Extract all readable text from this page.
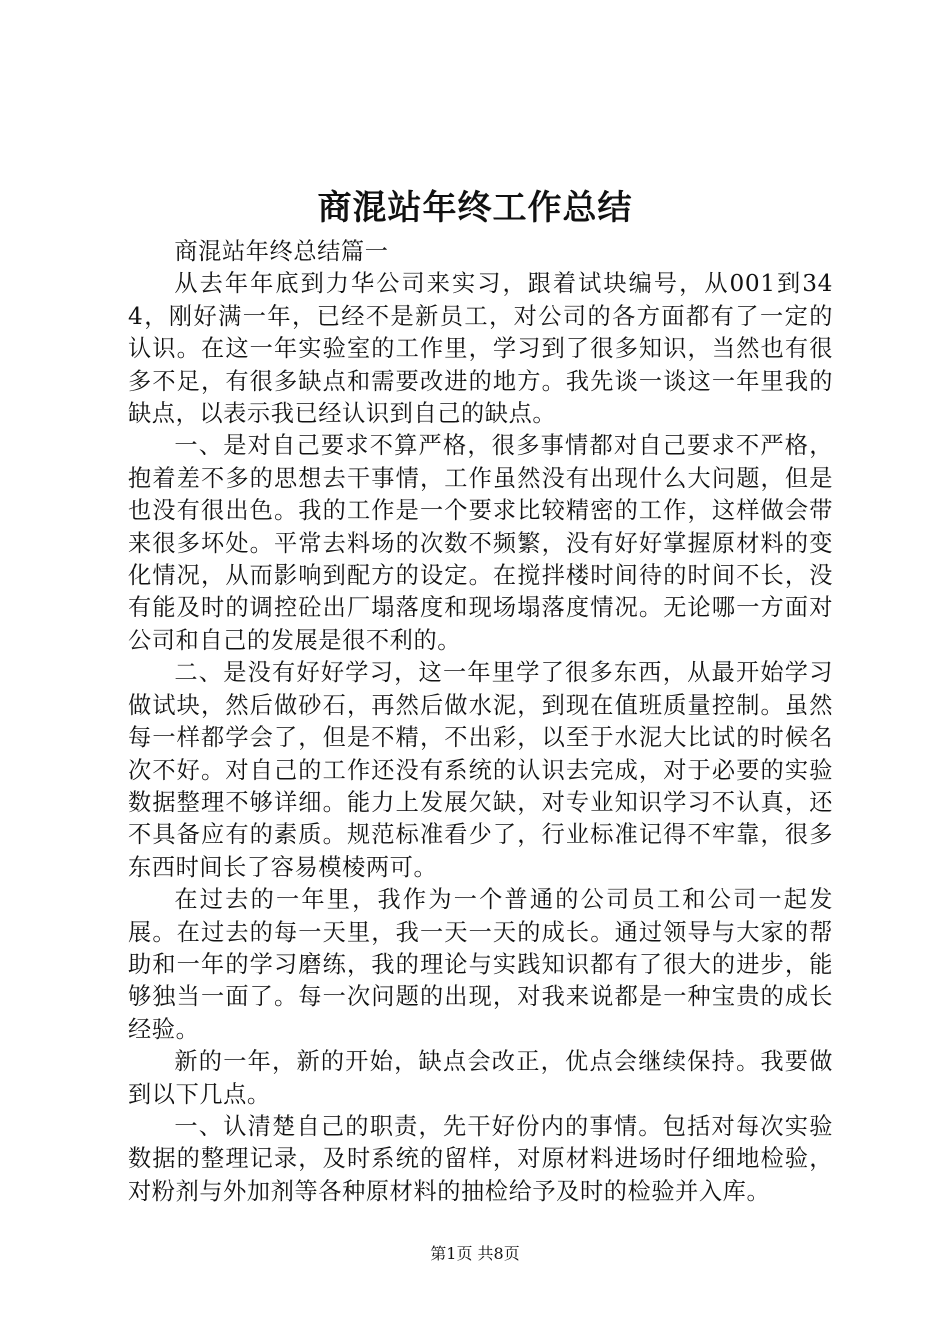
商混站年终工作总结

商混站年终总结篇一

从去年年底到力华公司来实习，跟着试块编号，从001到344，刚好满一年，已经不是新员工，对公司的各方面都有了一定的认识。在这一年实验室的工作里，学习到了很多知识，当然也有很多不足，有很多缺点和需要改进的地方。我先谈一谈这一年里我的缺点，以表示我已经认识到自己的缺点。

一、是对自己要求不算严格，很多事情都对自己要求不严格，抱着差不多的思想去干事情，工作虽然没有出现什么大问题，但是也没有很出色。我的工作是一个要求比较精密的工作，这样做会带来很多坏处。平常去料场的次数不频繁，没有好好掌握原材料的变化情况，从而影响到配方的设定。在搅拌楼时间待的时间不长，没有能及时的调控砼出厂塌落度和现场塌落度情况。无论哪一方面对公司和自己的发展是很不利的。

二、是没有好好学习，这一年里学了很多东西，从最开始学习做试块，然后做砂石，再然后做水泥，到现在值班质量控制。虽然每一样都学会了，但是不精，不出彩，以至于水泥大比试的时候名次不好。对自己的工作还没有系统的认识去完成，对于必要的实验数据整理不够详细。能力上发展欠缺，对专业知识学习不认真，还不具备应有的素质。规范标准看少了，行业标准记得不牢靠，很多东西时间长了容易模棱两可。

在过去的一年里，我作为一个普通的公司员工和公司一起发展。在过去的每一天里，我一天一天的成长。通过领导与大家的帮助和一年的学习磨练，我的理论与实践知识都有了很大的进步，能够独当一面了。每一次问题的出现，对我来说都是一种宝贵的成长经验。

新的一年，新的开始，缺点会改正，优点会继续保持。我要做到以下几点。

一、认清楚自己的职责，先干好份内的事情。包括对每次实验数据的整理记录，及时系统的留样，对原材料进场时仔细地检验，对粉剂与外加剂等各种原材料的抽检给予及时的检验并入库。

第1页 共8页
